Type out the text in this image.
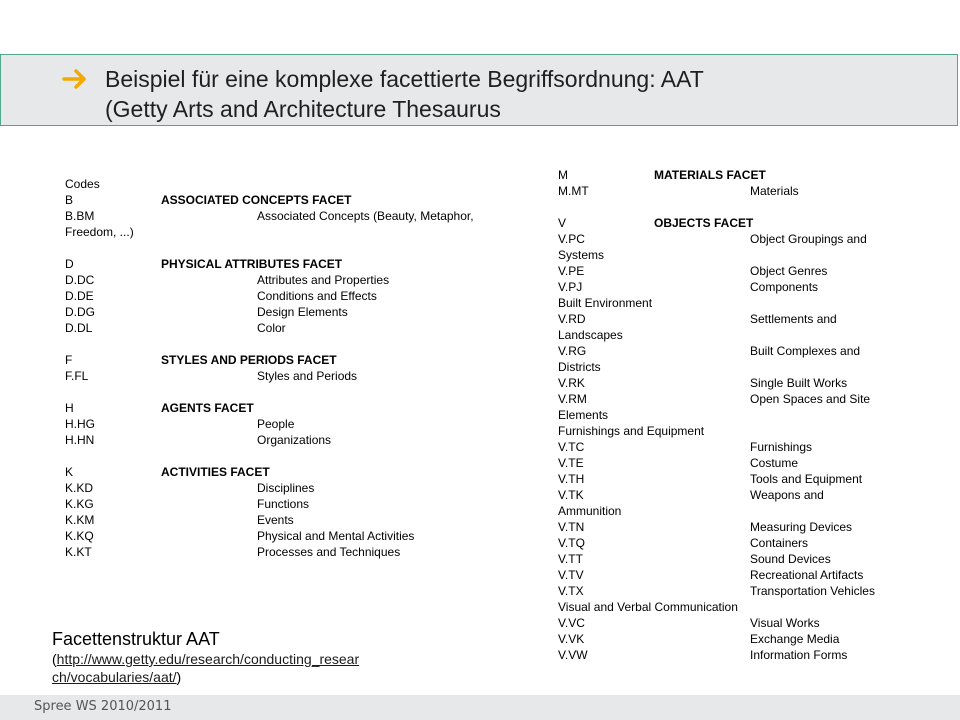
Beispiel für eine komplexe facettierte Begriffsordnung: AAT
(Getty Arts and Architecture Thesaurus
Codes
B	ASSOCIATED CONCEPTS FACET
B.BM	Associated Concepts (Beauty, Metaphor,
Freedom, ...)
D	PHYSICAL ATTRIBUTES FACET
D.DC	Attributes and Properties
D.DE	Conditions and Effects
D.DG	Design Elements
D.DL	Color
F	STYLES AND PERIODS FACET
F.FL	Styles and Periods
H	AGENTS FACET
H.HG	People
H.HN	Organizations
K	ACTIVITIES FACET
K.KD	Disciplines
K.KG	Functions
K.KM	Events
K.KQ	Physical and Mental Activities
K.KT	Processes and Techniques
M	MATERIALS FACET
M.MT	Materials
V	OBJECTS FACET
V.PC	Object Groupings and
Systems
V.PE	Object Genres
V.PJ	Components
Built Environment
V.RD	Settlements and
Landscapes
V.RG	Built Complexes and
Districts
V.RK	Single Built Works
V.RM	Open Spaces and Site
Elements
Furnishings and Equipment
V.TC	Furnishings
V.TE	Costume
V.TH	Tools and Equipment
V.TK	Weapons and
Ammunition
V.TN	Measuring Devices
V.TQ	Containers
V.TT	Sound Devices
V.TV	Recreational Artifacts
V.TX	Transportation Vehicles
Visual and Verbal Communication
V.VC	Visual Works
V.VK	Exchange Media
V.VW	Information Forms
Facettenstruktur AAT
(http://www.getty.edu/research/conducting_resear
ch/vocabularies/aat/)
Spree WS 2010/2011
